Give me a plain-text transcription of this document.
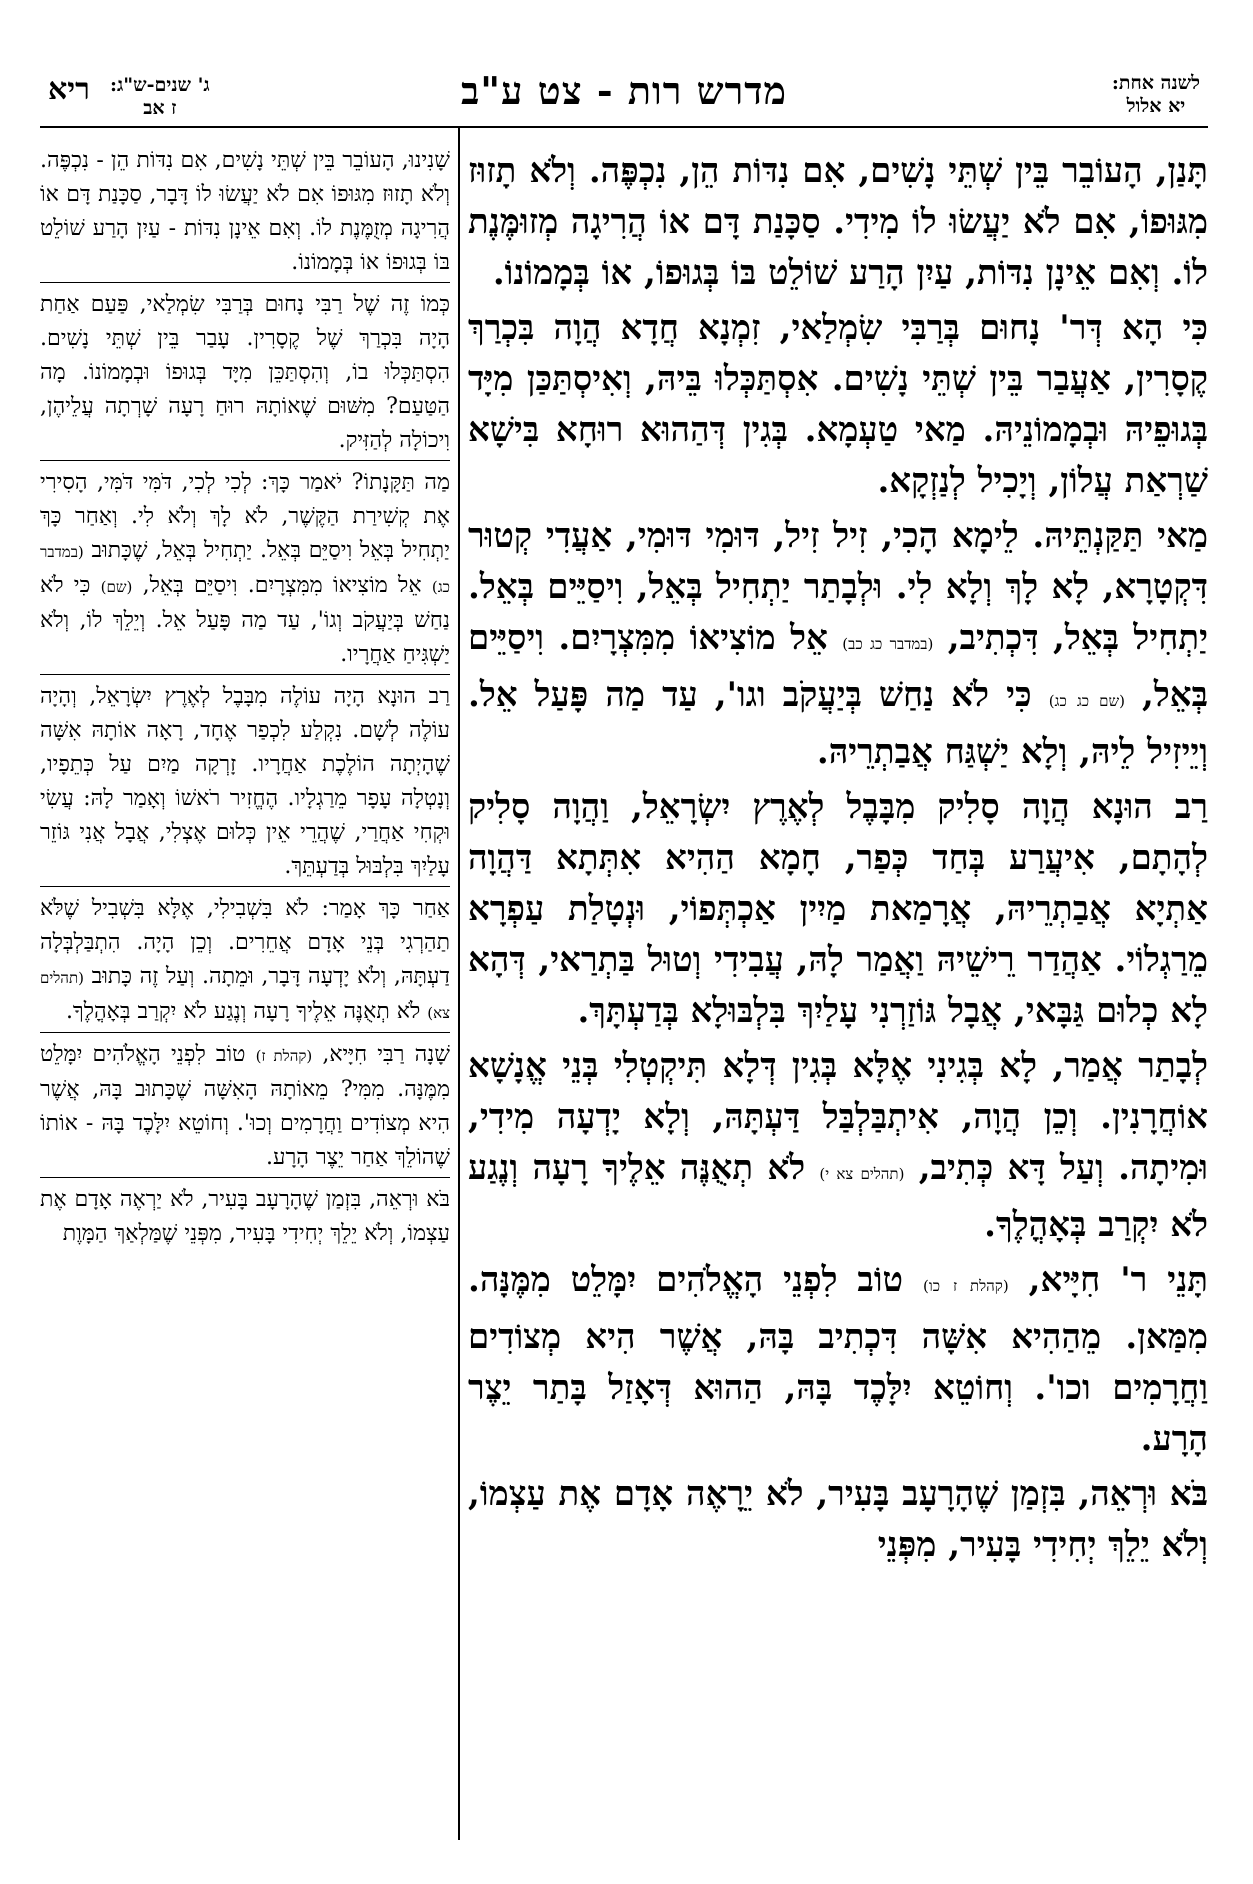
ריא ג' שנים-ש"ג:
ז אב	מדרש רות - צט ע"ב	לשנה אחת:
יא אלול

תָּנַן, הָעוֹבֵר בֵּין שְׁתֵּי נָשִׁים, אִם נִדּוֹת הֵן, נִכְפֶּה. וְלֹא תָזוּז מִגּוּפוֹ, אִם לֹא יַעֲשׂוּ לוֹ מִידִי. סַכָּנַת דָּם אוֹ הֲרִיגָה מְזוּמֶּנֶת לוֹ. וְאִם אֵינָן נִדּוֹת, עַיִן הָרַע שׁוֹלֵט בּוֹ בְּגוּפוֹ, אוֹ בְּמָמוֹנוֹ.

כִּי הָא דְּר' נָחוּם בְּרַבִּי שִׂמְלַאי, זִמְנָא חֲדָא הֲוָה בִּכְרַךְ קֶסָרִין, אַעֲבַר בֵּין שְׁתֵּי נָשִׁים. אִסְתַּכְּלוּ בֵּיהּ, וְאִיסְתַּכַּן מִיָּד בְּגוּפֵיהּ וּבְמָמוֹנֵיהּ. מַאי טַעְמָא. בְּגִין דְּהַהוּא רוּחָא בִּישָׁא שַׁרְאַת עֲלוֹן, וְיָכִיל לְנַזְקָא.

מַאי תַּקַּנְתֵּיהּ. לֵימָא הָכִי, זִיל זִיל, דּוּמִי דּוּמִי, אַעֲדִי קְטוּר דִּקְטָרָא, לָא לָךְ וְלָא לִי. וּלְבָתַר יַתְחִיל בְּאֵל, וִיסַיֵּים בְּאֵל. יַתְחִיל בְּאֵל, דִּכְתִיב, (במדבר כג כב) אֵל מוֹצִיאוֹ מִמִּצְרָיִם. וִיסַיֵּים בְּאֵל, (שם כג כג) כִּי לֹא נַחַשׁ בְּיַעֲקֹב וגו', עַד מַה פָּעַל אֵל. וְיֵיזִיל לֵיהּ, וְלָא יַשְׁגַּח אֲבַתְרֵיהּ.

רַב הוּנָא הֲוָה סָלִיק מִבָּבֶל לְאֶרֶץ יִשְׂרָאֵל, וַהֲוָה סָלִיק לְהָתָם, אִיעֲרַע בְּחַד כְּפַר, חָמָא הַהִיא אִתְּתָא דַּהֲוָה אַתְיָא אֲבַתְרֵיהּ, אֲרָמַאת מַיִין אַכְתְּפוֹי, וּנְטָלַת עַפְרָא מֵרַגְלוֹי. אַהֲדַר רֵישֵׁיהּ וַאֲמַר לָהּ, עֲבִידִי וְטוּל בַּתְרַאי, דְּהָא לָא כְלוּם גַּבָּאי, אֲבָל גּוֹזַרְנִי עָלַיִךְ בִּלְבּוּלָא בְּדַעְתָּךְ.

לְבָתַר אֲמַר, לָא בְּגִינִי אֶלָּא בְּגִין דְּלָא תִּיקְטְלִי בְּנֵי אֱנָשָׁא אוֹחֲרָנִין. וְכֵן הֲוָה, אִיתְבַּלְבַּל דַּעְתָּהּ, וְלָא יָדְעָה מִידִי, וּמִיתָה. וְעַל דָּא כְּתִיב, (תהלים צא י) לֹא תְאֻנֶּה אֵלֶיךָ רָעָה וְנֶגַע לֹא יִקְרַב בְּאָהֳלֶךָ.

תָּנֵי ר' חִיָּיא, (קהלת ז כו) טוֹב לִפְנֵי הָאֱלֹהִים יִמָּלֵט מִמֶּנָּה. מִמַּאן. מֵהַהִיא אִשָּׁה דִּכְתִיב בָּהּ, אֲשֶׁר הִיא מְצוֹדִים וַחֲרָמִים וכו'. וְחוֹטֵא יִלָּכֶד בָּהּ, הַהוּא דְּאָזַל בָּתַר יֵצֶר הָרָע.

בֹּא וּרְאֵה, בִּזְמַן שֶׁהָרָעָב בָּעִיר, לֹא יֵרָאֶה אָדָם אֶת עַצְמוֹ, וְלֹא יֵלֵךְ יְחִידִי בָּעִיר, מִפְּנֵי

שָׁנִינוּ, הָעוֹבֵר בֵּין שְׁתֵּי נָשִׁים, אִם נִדּוֹת הֵן - נִכְפֶּה. וְלֹא תָזוּז מִגּוּפוֹ אִם לֹא יַעֲשׂוּ לוֹ דָּבָר, סַכָּנַת דָּם אוֹ הֲרִיגָה מְזֻמֶּנֶת לוֹ. וְאִם אֵינָן נִדּוֹת - עַיִן הָרַע שׁוֹלֵט בּוֹ בְּגוּפוֹ אוֹ בְּמָמוֹנוֹ.

כְּמוֹ זֶה שֶׁל רַבִּי נָחוּם בְּרַבִּי שִׂמְלַאי, פַּעַם אַחַת הָיָה בִּכְרַךְ שֶׁל קֶסָרִין. עָבַר בֵּין שְׁתֵּי נָשִׁים. הִסְתַּכְּלוּ בוֹ, וְהִסְתַּכֵּן מִיָּד בְּגוּפוֹ וּבְמָמוֹנוֹ. מָה הַטַּעַם? מִשּׁוּם שֶׁאוֹתָהּ רוּחַ רָעָה שָׁרְתָה עֲלֵיהֶן, וִיכוֹלָה לְהַזִּיק.

מַה תַּקָּנָתוֹ? יֹאמַר כָּךְ: לְכִי לְכִי, דֹּמִּי דֹּמִּי, הָסִירִי אֶת קְשִׁירַת הַקֶּשֶׁר, לֹא לָךְ וְלֹא לִי. וְאַחַר כָּךְ יַתְחִיל בְּאֵל וִיסַיֵּם בְּאֵל. יַתְחִיל בְּאֵל, שֶׁכָּתוּב (במדבר כג) אֵל מוֹצִיאוֹ מִמִּצְרָיִם. וִיסַיֵּם בְּאֵל, (שם) כִּי לֹא נַחַשׁ בְּיַעֲקֹב וְגוֹ', עַד מַה פָּעַל אֵל. וְיֵלֵךְ לוֹ, וְלֹא יַשְׁגִּיחַ אַחֲרָיו.

רַב הוּנָא הָיָה עוֹלֶה מִבָּבֶל לְאֶרֶץ יִשְׂרָאֵל, וְהָיָה עוֹלֶה לְשָׁם. נִקְלַע לִכְפַר אֶחָד, רָאָה אוֹתָהּ אִשָּׁה שֶׁהָיְתָה הוֹלֶכֶת אַחֲרָיו. זָרְקָה מַיִם עַל כְּתֵפָיו, וְנָטְלָה עָפָר מֵרַגְלָיו. הֶחֱזִיר רֹאשׁוֹ וְאָמַר לָהּ: עֲשִׂי וּקְחִי אַחֲרַי, שֶׁהֲרֵי אֵין כְּלוּם אֶצְלִי, אֲבָל אֲנִי גּוֹזֵר עָלַיִךְ בִּלְבּוּל בְּדַעְתֵּךְ.

אַחַר כָּךְ אָמַר: לֹא בִּשְׁבִילִי, אֶלָּא בִּשְׁבִיל שֶׁלֹּא תַהַרְגִי בְּנֵי אָדָם אֲחֵרִים. וְכֵן הָיָה. הִתְבַּלְבְּלָה דַעְתָּהּ, וְלֹא יָדְעָה דָּבָר, וּמֵתָה. וְעַל זֶה כָּתוּב (תהלים צא) לֹא תְאֻנֶּה אֵלֶיךָ רָעָה וְנֶגַע לֹא יִקְרַב בְּאָהֳלֶךָ.

שָׁנָה רַבִּי חִיָּיא, (קהלת ז) טוֹב לִפְנֵי הָאֱלֹהִים יִמָּלֵט מִמֶּנָּה. מִמִּי? מֵאוֹתָהּ הָאִשָּׁה שֶׁכָּתוּב בָּהּ, אֲשֶׁר הִיא מְצוֹדִים וַחֲרָמִים וְכוּ'. וְחוֹטֵא יִלָּכֶד בָּהּ - אוֹתוֹ שֶׁהוֹלֵךְ אַחַר יֵצֶר הָרָע.

בֹּא וּרְאֵה, בִּזְמַן שֶׁהָרָעָב בָּעִיר, לֹא יַרְאֶה אָדָם אֶת עַצְמוֹ, וְלֹא יֵלֵךְ יְחִידִי בָּעִיר, מִפְּנֵי שֶׁמַּלְאַךְ הַמָּוֶת
